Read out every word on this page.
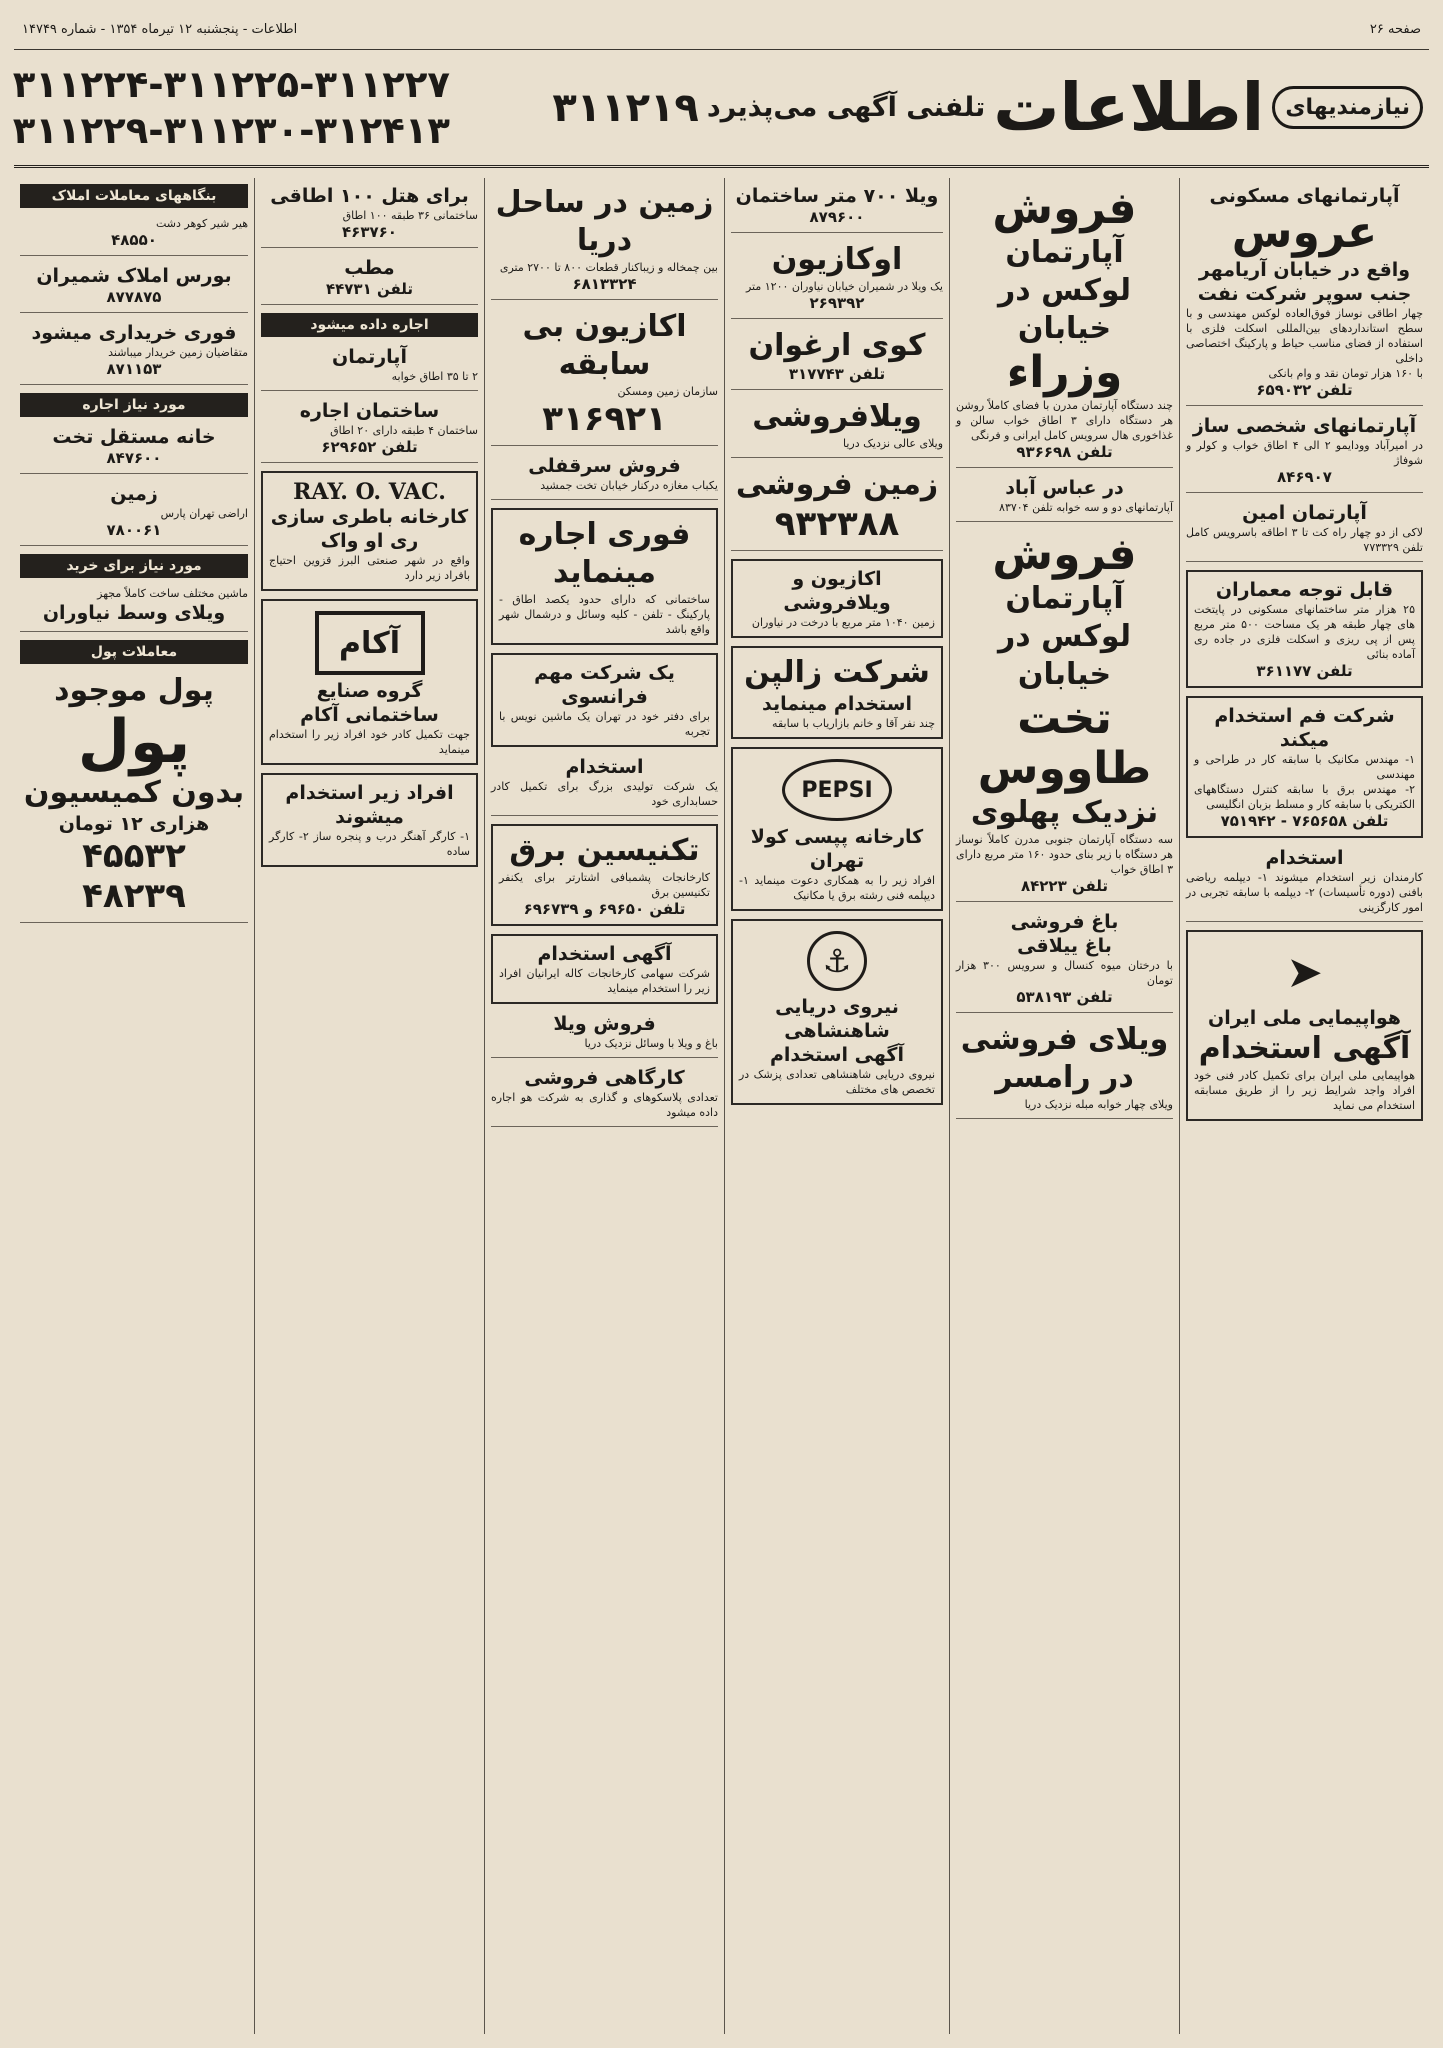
صفحه ۲۶
اطلاعات - پنجشنبه ۱۲ تیرماه ۱۳۵۴ - شماره ۱۴۷۴۹
نیازمندیهای
اطلاعات
تلفنی آگهی می‌پذیرد
۳۱۱۲۱۹
۳۱۱۲۲۴-۳۱۱۲۲۵-۳۱۱۲۲۷
۳۱۱۲۲۹-۳۱۱۲۳۰-۳۱۲۴۱۳
آپارتمانهای مسکونی
عروس
واقع در خیابان آریامهر جنب سوپر شرکت نفت

چهار اطاقی نوساز فوق‌العاده لوکس مهندسی و با سطح استانداردهای بین‌المللی اسکلت فلزی با استفاده از فضای مناسب حیاط و پارکینگ اختصاصی داخلی

با ۱۶۰ هزار تومان نقد و وام بانکی

تلفن ۶۵۹۰۳۲
آپارتمانهای شخصی ساز

در امیرآباد وودایمو ۲ الی ۴ اطاق خواب و کولر و شوفاژ

۸۴۶۹۰۷
آپارتمان امین

لاکی از دو چهار راه کت تا ۳ اطاقه باسرویس کامل تلفن ۷۷۳۳۲۹

قابل توجه معماران

۲۵ هزار متر ساختمانهای مسکونی در پایتخت های چهار طبقه هر یک مساحت ۵۰۰ متر مربع پس از پی ریزی و اسکلت فلزی در جاده ری آماده بنائی

تلفن ۳۶۱۱۷۷
شرکت فم استخدام میکند

۱- مهندس مکانیک با سابقه کار در طراحی و مهندسی

۲- مهندس برق با سابقه کنترل دستگاههای الکتریکی با سابقه کار و مسلط بزبان انگلیسی

تلفن ۷۶۵۶۵۸ - ۷۵۱۹۴۲
استخدام

کارمندان زیر استخدام میشوند ۱- دیپلمه ریاضی بافنی (دوره تأسیسات) ۲- دیپلمه با سابقه تجربی در امور کارگزینی

➤
هواپیمایی ملی ایران
آگهی استخدام

هواپیمایی ملی ایران برای تکمیل کادر فنی خود افراد واجد شرایط زیر را از طریق مسابقه استخدام می نماید

فروش
آپارتمان لوکس در خیابان
وزراء

چند دستگاه آپارتمان مدرن با فضای کاملاً روشن هر دستگاه دارای ۳ اطاق خواب سالن و غذاخوری هال سرویس کامل ایرانی و فرنگی

تلفن ۹۳۶۶۹۸
در عباس آباد

آپارتمانهای دو و سه خوابه تلفن ۸۳۷۰۴

فروش
آپارتمان لوکس در خیابان
تخت طاووس
نزدیک پهلوی

سه دستگاه آپارتمان جنوبی مدرن کاملاً نوساز هر دستگاه با زیر بنای حدود ۱۶۰ متر مربع دارای ۳ اطاق خواب

تلفن ۸۴۲۲۳
باغ فروشی
باغ ییلاقی

با درختان میوه کنسال و سرویس ۳۰۰ هزار تومان

تلفن ۵۳۸۱۹۳
ویلای فروشی در رامسر

ویلای چهار خوابه مبله نزدیک دریا

ویلا ۷۰۰ متر ساختمان
۸۷۹۶۰۰
اوکازیون

یک ویلا در شمیران خیابان نیاوران ۱۲۰۰ متر

۲۶۹۳۹۲
کوی ارغوان
تلفن ۳۱۷۷۴۳
ویلافروشی

ویلای عالی نزدیک دریا

زمین فروشی
۹۳۲۳۸۸
اکازیون و ویلافروشی

زمین ۱۰۴۰ متر مربع با درخت در نیاوران

شرکت زالپن
استخدام مینماید

چند نفر آقا و خانم بازاریاب با سابقه

PEPSI
کارخانه پپسی کولا تهران

افراد زیر را به همکاری دعوت مینماید ۱- دیپلمه فنی رشته برق یا مکانیک

⚓
نیروی دریایی شاهنشاهی
آگهی استخدام

نیروی دریایی شاهنشاهی تعدادی پزشک در تخصص های مختلف

زمین در ساحل دریا

بین چمخاله و زیباکنار قطعات ۸۰۰ تا ۲۷۰۰ متری

۶۸۱۳۳۲۴
اکازیون بی سابقه

سازمان زمین ومسکن

۳۱۶۹۲۱
فروش سرقفلی

یکباب مغازه درکنار خیابان تخت جمشید

فوری اجاره مینماید

ساختمانی که دارای حدود یکصد اطاق - پارکینگ - تلفن - کلیه وسائل و درشمال شهر واقع باشد

یک شرکت مهم فرانسوی

برای دفتر خود در تهران یک ماشین نویس با تجربه

استخدام

یک شرکت تولیدی بزرگ برای تکمیل کادر حسابداری خود

تکنیسین برق

کارخانجات پشمبافی اشتارتر برای یکنفر تکنیسین برق

تلفن ۶۹۶۵۰ و ۶۹۶۷۳۹
آگهی استخدام

شرکت سهامی کارخانجات کاله ایرانیان افراد زیر را استخدام مینماید

فروش ویلا

باغ و ویلا با وسائل نزدیک دریا

کارگاهی فروشی

تعدادی پلاسکوهای و گذاری به شرکت هو اجاره داده میشود

برای هتل ۱۰۰ اطاقی

ساختمانی ۳۶ طبقه ۱۰۰ اطاق

۴۶۳۷۶۰
مطب
تلفن ۴۴۷۳۱
اجاره داده میشود
آپارتمان

۲ تا ۳۵ اطاق خوابه

ساختمان اجاره

ساختمان ۴ طبقه دارای ۲۰ اطاق

تلفن ۶۲۹۶۵۲
RAY. O. VAC.
کارخانه باطری سازی ری او واک

واقع در شهر صنعتی البرز قزوین احتیاج بافراد زیر دارد

آکام
گروه صنایع ساختمانی آکام

جهت تکمیل کادر خود افراد زیر را استخدام مینماید

افراد زیر استخدام میشوند

۱- کارگر آهنگر درب و پنجره ساز ۲- کارگر ساده

بنگاههای معاملات املاک

هیر شیر کوهر دشت

۴۸۵۵۰
بورس املاک شمیران
۸۷۷۸۷۵
فوری خریداری میشود

متقاضیان زمین خریدار میباشند

۸۷۱۱۵۳
مورد نیاز اجاره
خانه مستقل تخت
۸۴۷۶۰۰
زمین

اراضی تهران پارس

۷۸۰۰۶۱
مورد نیاز برای خرید

ماشین مختلف ساخت کاملاً مجهز

ویلای وسط نیاوران
معاملات پول
پول موجود
پول
بدون کمیسیون
هزاری ۱۲ تومان
۴۵۵۳۲
۴۸۲۳۹
